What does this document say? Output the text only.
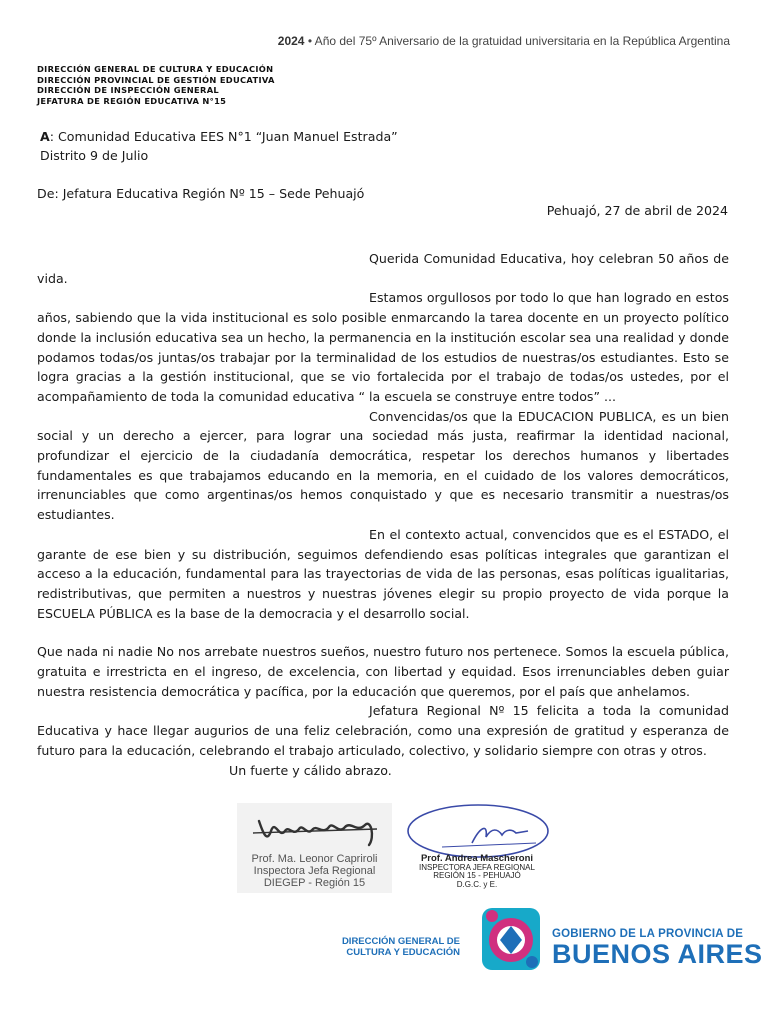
2024 • Año del 75º Aniversario de la gratuidad universitaria en la República Argentina
DIRECCIÓN GENERAL DE CULTURA Y EDUCACIÓN
DIRECCIÓN PROVINCIAL DE GESTIÓN EDUCATIVA
DIRECCIÓN DE INSPECCIÓN GENERAL
JEFATURA DE REGIÓN EDUCATIVA N°15
A: Comunidad Educativa EES N°1 “Juan Manuel Estrada”
Distrito 9 de Julio
De: Jefatura Educativa Región Nº 15 – Sede Pehuajó
Pehuajó, 27 de abril de 2024

Querida Comunidad Educativa, hoy celebran 50 años de vida.

Estamos orgullosos por todo lo que han logrado en estos años, sabiendo que la vida institucional es solo posible enmarcando la tarea docente en un proyecto político donde la inclusión educativa sea un hecho, la permanencia en la institución escolar sea una realidad y donde podamos todas/os juntas/os trabajar por la terminalidad de los estudios de nuestras/os estudiantes. Esto se logra gracias a la gestión institucional, que se vio fortalecida por el trabajo de todas/os ustedes, por el acompañamiento de toda la comunidad educativa “ la escuela se construye entre todos” ...

Convencidas/os que la EDUCACION PUBLICA, es un bien social y un derecho a ejercer, para lograr una sociedad más justa, reafirmar la identidad nacional, profundizar el ejercicio de la ciudadanía democrática, respetar los derechos humanos y libertades fundamentales es que trabajamos educando en la memoria, en el cuidado de los valores democráticos, irrenunciables que como argentinas/os hemos conquistado y que es necesario transmitir a nuestras/os estudiantes.

En el contexto actual, convencidos que es el ESTADO, el garante de ese bien y su distribución, seguimos defendiendo esas políticas integrales que garantizan el acceso a la educación, fundamental para las trayectorias de vida de las personas, esas políticas igualitarias, redistributivas, que permiten a nuestros y nuestras jóvenes elegir su propio proyecto de vida porque la ESCUELA PÚBLICA es la base de la democracia y el desarrollo social.

Que nada ni nadie No nos arrebate nuestros sueños, nuestro futuro nos pertenece. Somos la escuela pública, gratuita e irrestricta en el ingreso, de excelencia, con libertad y equidad. Esos irrenunciables deben guiar nuestra resistencia democrática y pacífica, por la educación que queremos, por el país que anhelamos.

Jefatura Regional Nº 15 felicita a toda la comunidad Educativa y hace llegar augurios de una feliz celebración, como una expresión de gratitud y esperanza de futuro para la educación, celebrando el trabajo articulado, colectivo, y solidario siempre con otras y otros.

Un fuerte y cálido abrazo.

Prof. Ma. Leonor Capriroli
Inspectora Jefa Regional
DIEGEP - Región 15
Prof. Andrea Mascheroni
INSPECTORA JEFA REGIONAL
REGIÓN 15 - PEHUAJÓ
D.G.C. y E.
DIRECCIÓN GENERAL DE
CULTURA Y EDUCACIÓN
GOBIERNO DE LA PROVINCIA DE
BUENOS AIRES
